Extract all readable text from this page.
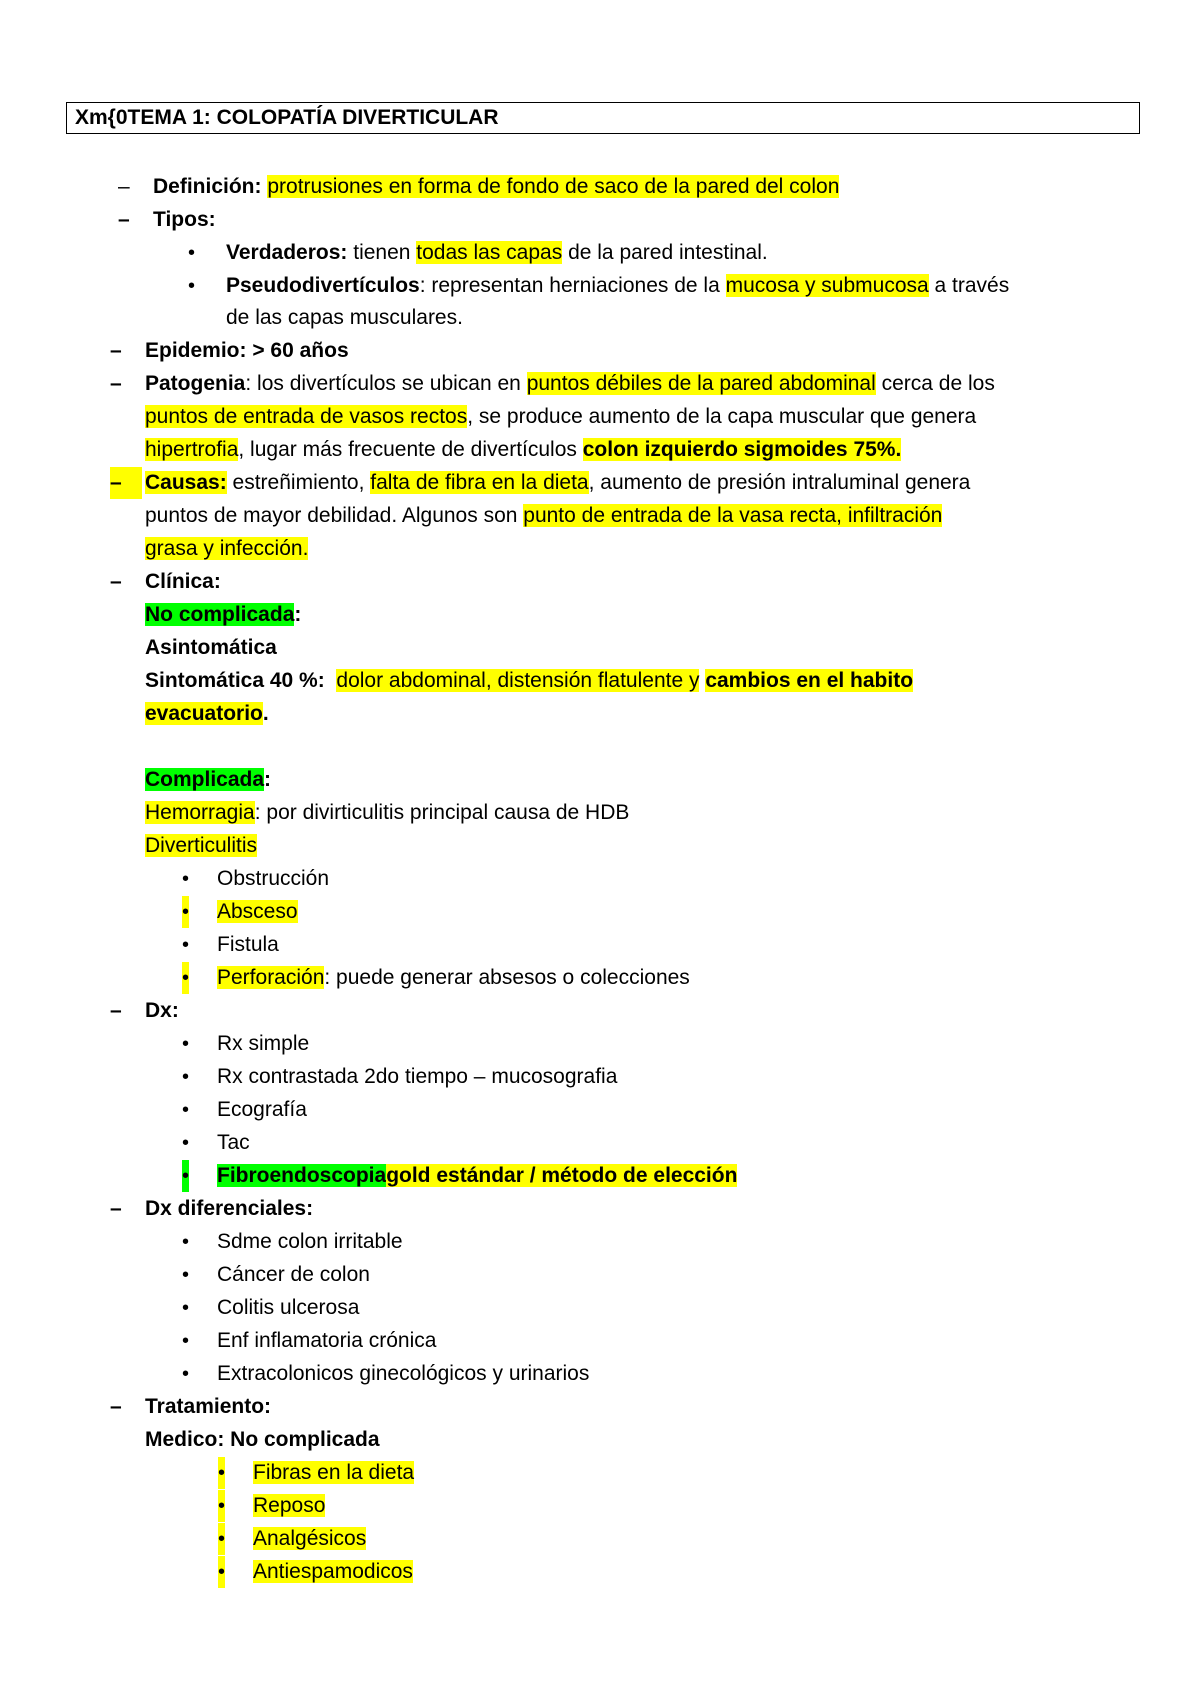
Xm{0TEMA 1: COLOPATÍA DIVERTICULAR
– Definición: protrusiones en forma de fondo de saco de la pared del colon
– Tipos:
• Verdaderos: tienen todas las capas de la pared intestinal.
• Pseudodivertículos: representan herniaciones de la mucosa y submucosa a través
de las capas musculares.
– Epidemio: > 60 años
– Patogenia: los divertículos se ubican en puntos débiles de la pared abdominal cerca de los
puntos de entrada de vasos rectos, se produce aumento de la capa muscular que genera
hipertrofia, lugar más frecuente de divertículos colon izquierdo sigmoides 75%.
–	Causas: estreñimiento, falta de fibra en la dieta, aumento de presión intraluminal genera
puntos de mayor debilidad. Algunos son punto de entrada de la vasa recta, infiltración
grasa y infección.
– Clínica:
No complicada:
Asintomática
Sintomática 40 %: dolor abdominal, distensión flatulente y cambios en el habito
evacuatorio.
Complicada:
Hemorragia: por divirticulitis principal causa de HDB
Diverticulitis
• Obstrucción
• Absceso
• Fistula
• Perforación: puede generar absesos o colecciones
– Dx:
• Rx simple
• Rx contrastada 2do tiempo – mucosografia
• Ecografía
• Tac
• Fibroendoscopiagold estándar / método de elección
– Dx diferenciales:
• Sdme colon irritable
• Cáncer de colon
• Colitis ulcerosa
• Enf inflamatoria crónica
• Extracolonicos ginecológicos y urinarios
– Tratamiento:
Medico: No complicada
• Fibras en la dieta
• Reposo
• Analgésicos
• Antiespamodicos
